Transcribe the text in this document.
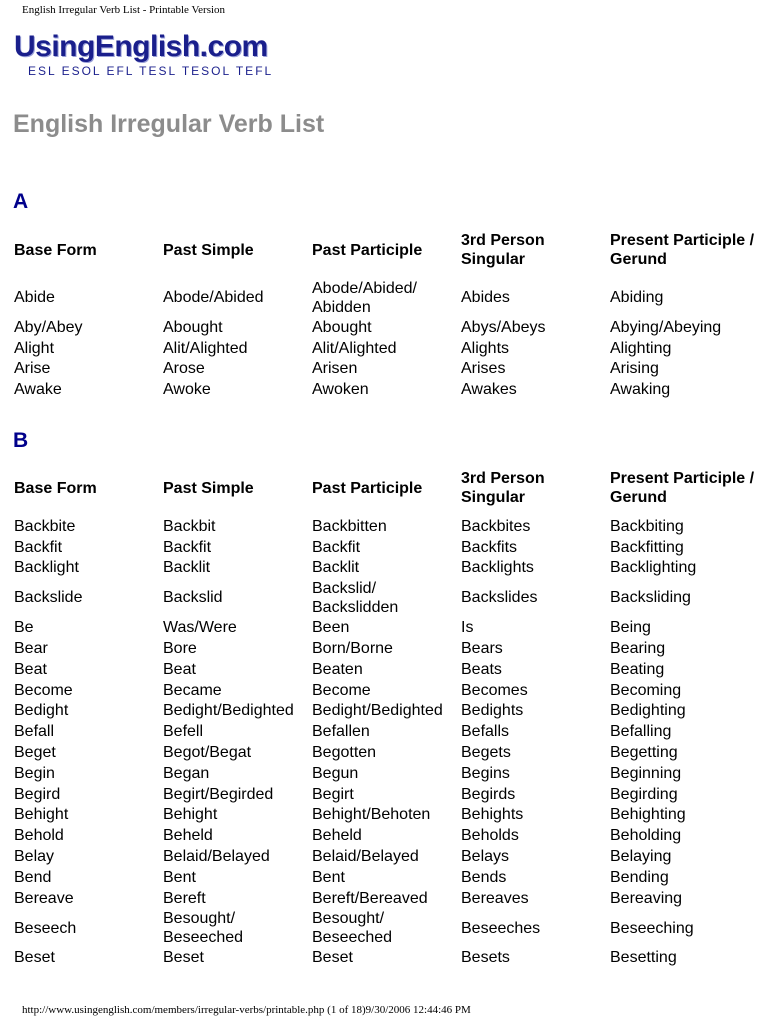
English Irregular Verb List - Printable Version
UsingEnglish.com
ESL ESOL EFL TESL TESOL TEFL
English Irregular Verb List
A
Base Form	Past Simple	Past Participle	3rd Person Singular	Present Participle / Gerund
Abide	Abode/Abided	Abode/Abided/ Abidden	Abides	Abiding
Aby/Abey	Abought	Abought	Abys/Abeys	Abying/Abeying
Alight	Alit/Alighted	Alit/Alighted	Alights	Alighting
Arise	Arose	Arisen	Arises	Arising
Awake	Awoke	Awoken	Awakes	Awaking
B
Base Form	Past Simple	Past Participle	3rd Person Singular	Present Participle / Gerund
Backbite	Backbit	Backbitten	Backbites	Backbiting
Backfit	Backfit	Backfit	Backfits	Backfitting
Backlight	Backlit	Backlit	Backlights	Backlighting
Backslide	Backslid	Backslid/ Backslidden	Backslides	Backsliding
Be	Was/Were	Been	Is	Being
Bear	Bore	Born/Borne	Bears	Bearing
Beat	Beat	Beaten	Beats	Beating
Become	Became	Become	Becomes	Becoming
Bedight	Bedight/Bedighted	Bedight/Bedighted	Bedights	Bedighting
Befall	Befell	Befallen	Befalls	Befalling
Beget	Begot/Begat	Begotten	Begets	Begetting
Begin	Began	Begun	Begins	Beginning
Begird	Begirt/Begirded	Begirt	Begirds	Begirding
Behight	Behight	Behight/Behoten	Behights	Behighting
Behold	Beheld	Beheld	Beholds	Beholding
Belay	Belaid/Belayed	Belaid/Belayed	Belays	Belaying
Bend	Bent	Bent	Bends	Bending
Bereave	Bereft	Bereft/Bereaved	Bereaves	Bereaving
Beseech	Besought/ Beseeched	Besought/ Beseeched	Beseeches	Beseeching
Beset	Beset	Beset	Besets	Besetting
http://www.usingenglish.com/members/irregular-verbs/printable.php (1 of 18)9/30/2006 12:44:46 PM
